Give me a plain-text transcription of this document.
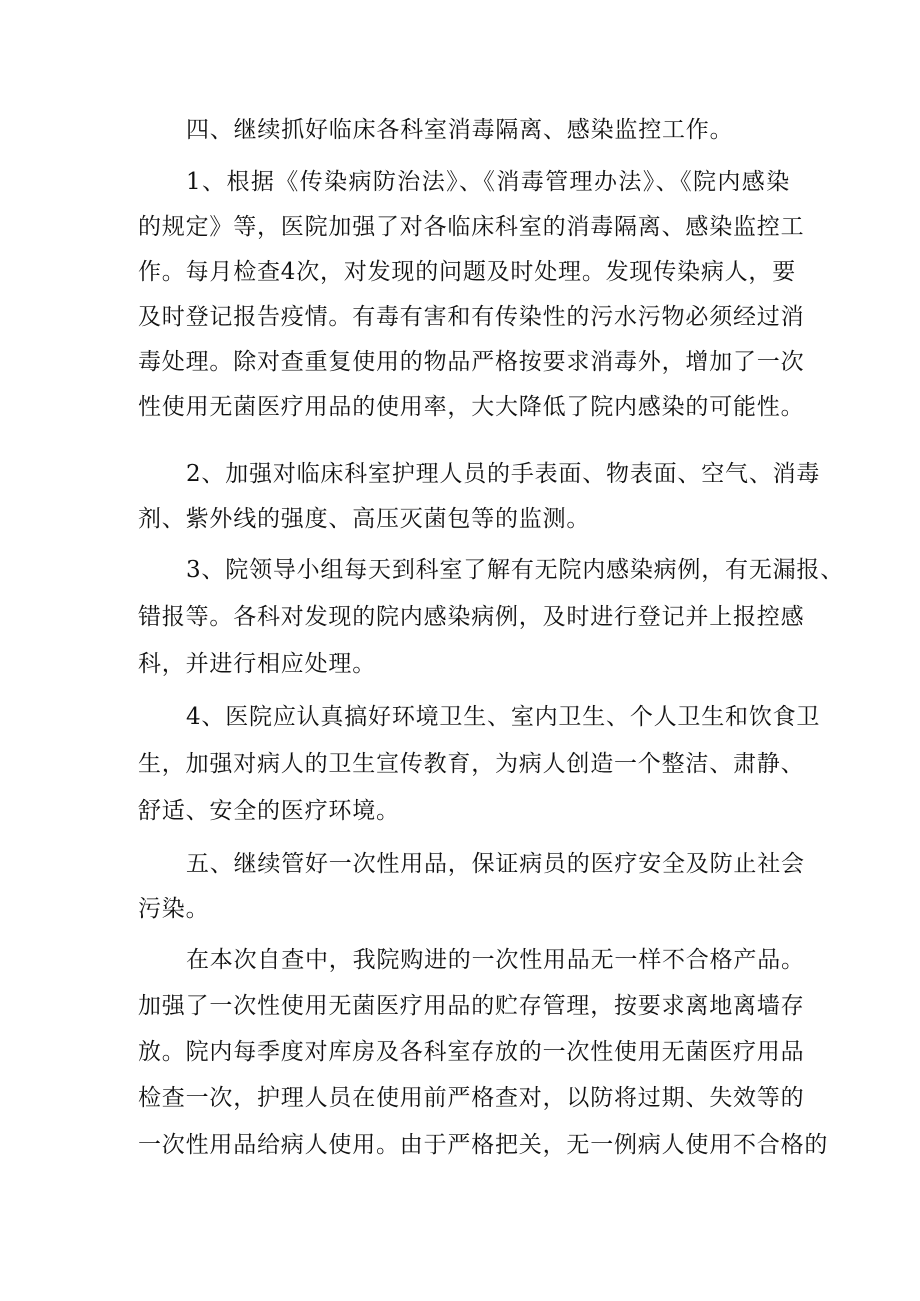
四、继续抓好临床各科室消毒隔离、感染监控工作。
1、根据《传染病防治法》、《消毒管理办法》、《院内感染
的规定》等，医院加强了对各临床科室的消毒隔离、感染监控工
作。每月检查4次，对发现的问题及时处理。发现传染病人，要
及时登记报告疫情。有毒有害和有传染性的污水污物必须经过消
毒处理。除对查重复使用的物品严格按要求消毒外，增加了一次
性使用无菌医疗用品的使用率，大大降低了院内感染的可能性。
2、加强对临床科室护理人员的手表面、物表面、空气、消毒
剂、紫外线的强度、高压灭菌包等的监测。
3、院领导小组每天到科室了解有无院内感染病例，有无漏报、
错报等。各科对发现的院内感染病例，及时进行登记并上报控感
科，并进行相应处理。
4、医院应认真搞好环境卫生、室内卫生、个人卫生和饮食卫
生，加强对病人的卫生宣传教育，为病人创造一个整洁、肃静、
舒适、安全的医疗环境。
五、继续管好一次性用品，保证病员的医疗安全及防止社会
污染。
在本次自查中，我院购进的一次性用品无一样不合格产品。
加强了一次性使用无菌医疗用品的贮存管理，按要求离地离墙存
放。院内每季度对库房及各科室存放的一次性使用无菌医疗用品
检查一次，护理人员在使用前严格查对，以防将过期、失效等的
一次性用品给病人使用。由于严格把关，无一例病人使用不合格的
